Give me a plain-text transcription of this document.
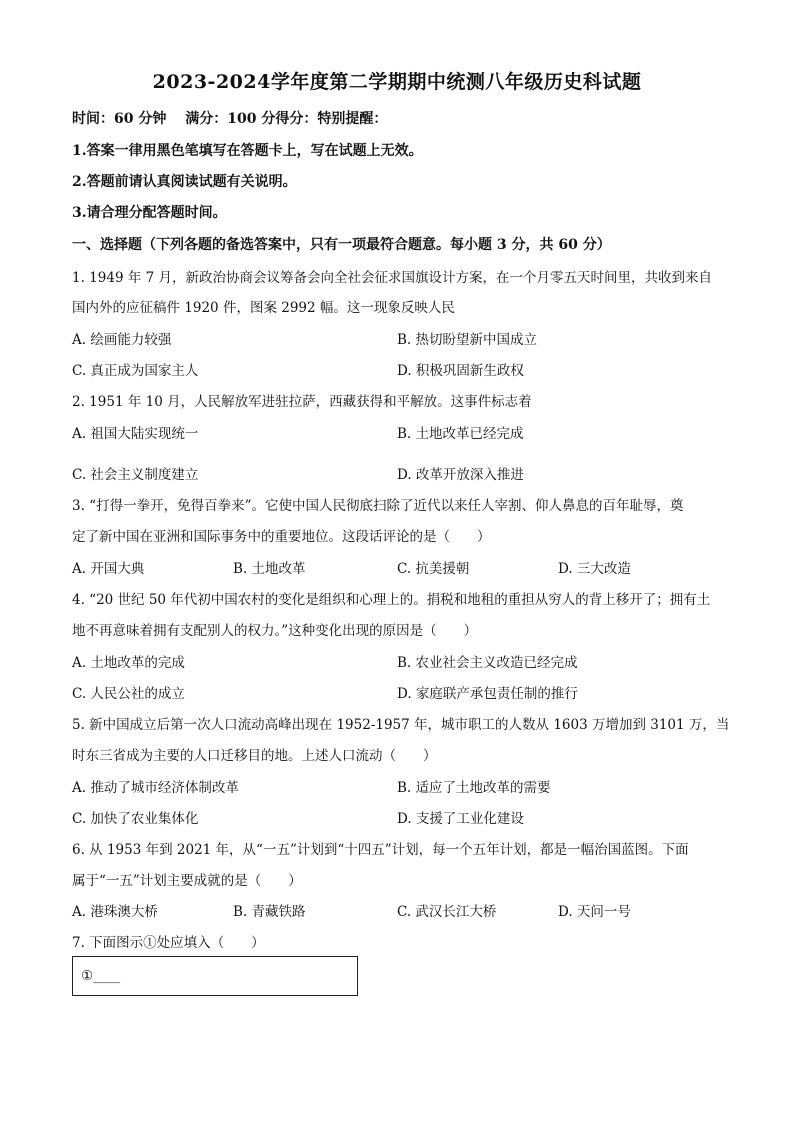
2023-2024学年度第二学期期中统测八年级历史科试题
时间：60 分钟　 满分：100 分得分：特别提醒：
1.答案一律用黑色笔填写在答题卡上，写在试题上无效。
2.答题前请认真阅读试题有关说明。
3.请合理分配答题时间。
一、选择题（下列各题的备选答案中，只有一项最符合题意。每小题 3 分，共 60 分）
1. 1949 年 7 月，新政治协商会议筹备会向全社会征求国旗设计方案，在一个月零五天时间里，共收到来自
国内外的应征稿件 1920 件，图案 2992 幅。这一现象反映人民
A. 绘画能力较强	B. 热切盼望新中国成立
C. 真正成为国家主人	D. 积极巩固新生政权
2. 1951 年 10 月，人民解放军进驻拉萨，西藏获得和平解放。这事件标志着
A. 祖国大陆实现统一	B. 土地改革已经完成
C. 社会主义制度建立	D. 改革开放深入推进
3. “打得一拳开，免得百拳来”。它使中国人民彻底扫除了近代以来任人宰割、仰人鼻息的百年耻辱，奠
定了新中国在亚洲和国际事务中的重要地位。这段话评论的是（　　）
A. 开国大典	B. 土地改革	C. 抗美援朝	D. 三大改造
4. “20 世纪 50 年代初中国农村的变化是组织和心理上的。捐税和地租的重担从穷人的背上移开了；拥有土
地不再意味着拥有支配别人的权力。”这种变化出现的原因是（　　）
A. 土地改革的完成	B. 农业社会主义改造已经完成
C. 人民公社的成立	D. 家庭联产承包责任制的推行
5. 新中国成立后第一次人口流动高峰出现在 1952-1957 年，城市职工的人数从 1603 万增加到 3101 万，当
时东三省成为主要的人口迁移目的地。上述人口流动（　　）
A. 推动了城市经济体制改革	B. 适应了土地改革的需要
C. 加快了农业集体化	D. 支援了工业化建设
6. 从 1953 年到 2021 年，从“一五”计划到“十四五”计划，每一个五年计划，都是一幅治国蓝图。下面
属于“一五”计划主要成就的是（　　）
A. 港珠澳大桥	B. 青藏铁路	C. 武汉长江大桥	D. 天问一号
7. 下面图示①处应填入（　　）
①____
